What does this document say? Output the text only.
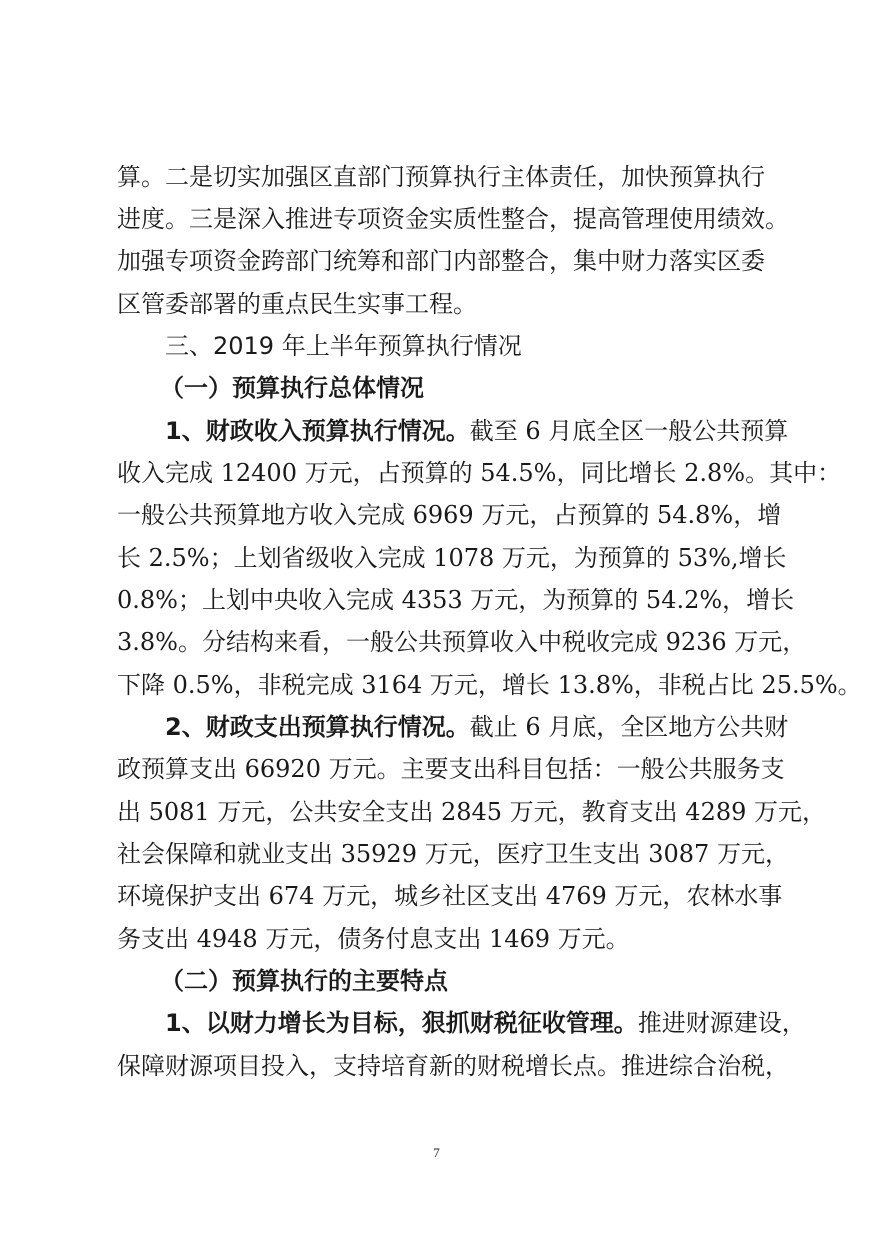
算。二是切实加强区直部门预算执行主体责任，加快预算执行
进度。三是深入推进专项资金实质性整合，提高管理使用绩效。
加强专项资金跨部门统筹和部门内部整合，集中财力落实区委
区管委部署的重点民生实事工程。
三、2019 年上半年预算执行情况
（一）预算执行总体情况
1、财政收入预算执行情况。截至 6 月底全区一般公共预算
收入完成 12400 万元，占预算的 54.5%，同比增长 2.8%。其中：
一般公共预算地方收入完成 6969 万元，占预算的 54.8%，增
长 2.5%；上划省级收入完成 1078 万元，为预算的 53%,增长
0.8%；上划中央收入完成 4353 万元，为预算的 54.2%，增长
3.8%。分结构来看，一般公共预算收入中税收完成 9236 万元，
下降 0.5%，非税完成 3164 万元，增长 13.8%，非税占比 25.5%。
2、财政支出预算执行情况。截止 6 月底，全区地方公共财
政预算支出 66920 万元。主要支出科目包括：一般公共服务支
出 5081 万元，公共安全支出 2845 万元，教育支出 4289 万元，
社会保障和就业支出 35929 万元，医疗卫生支出 3087 万元，
环境保护支出 674 万元，城乡社区支出 4769 万元，农林水事
务支出 4948 万元，债务付息支出 1469 万元。
（二）预算执行的主要特点
1、以财力增长为目标，狠抓财税征收管理。推进财源建设，
保障财源项目投入，支持培育新的财税增长点。推进综合治税，
7
